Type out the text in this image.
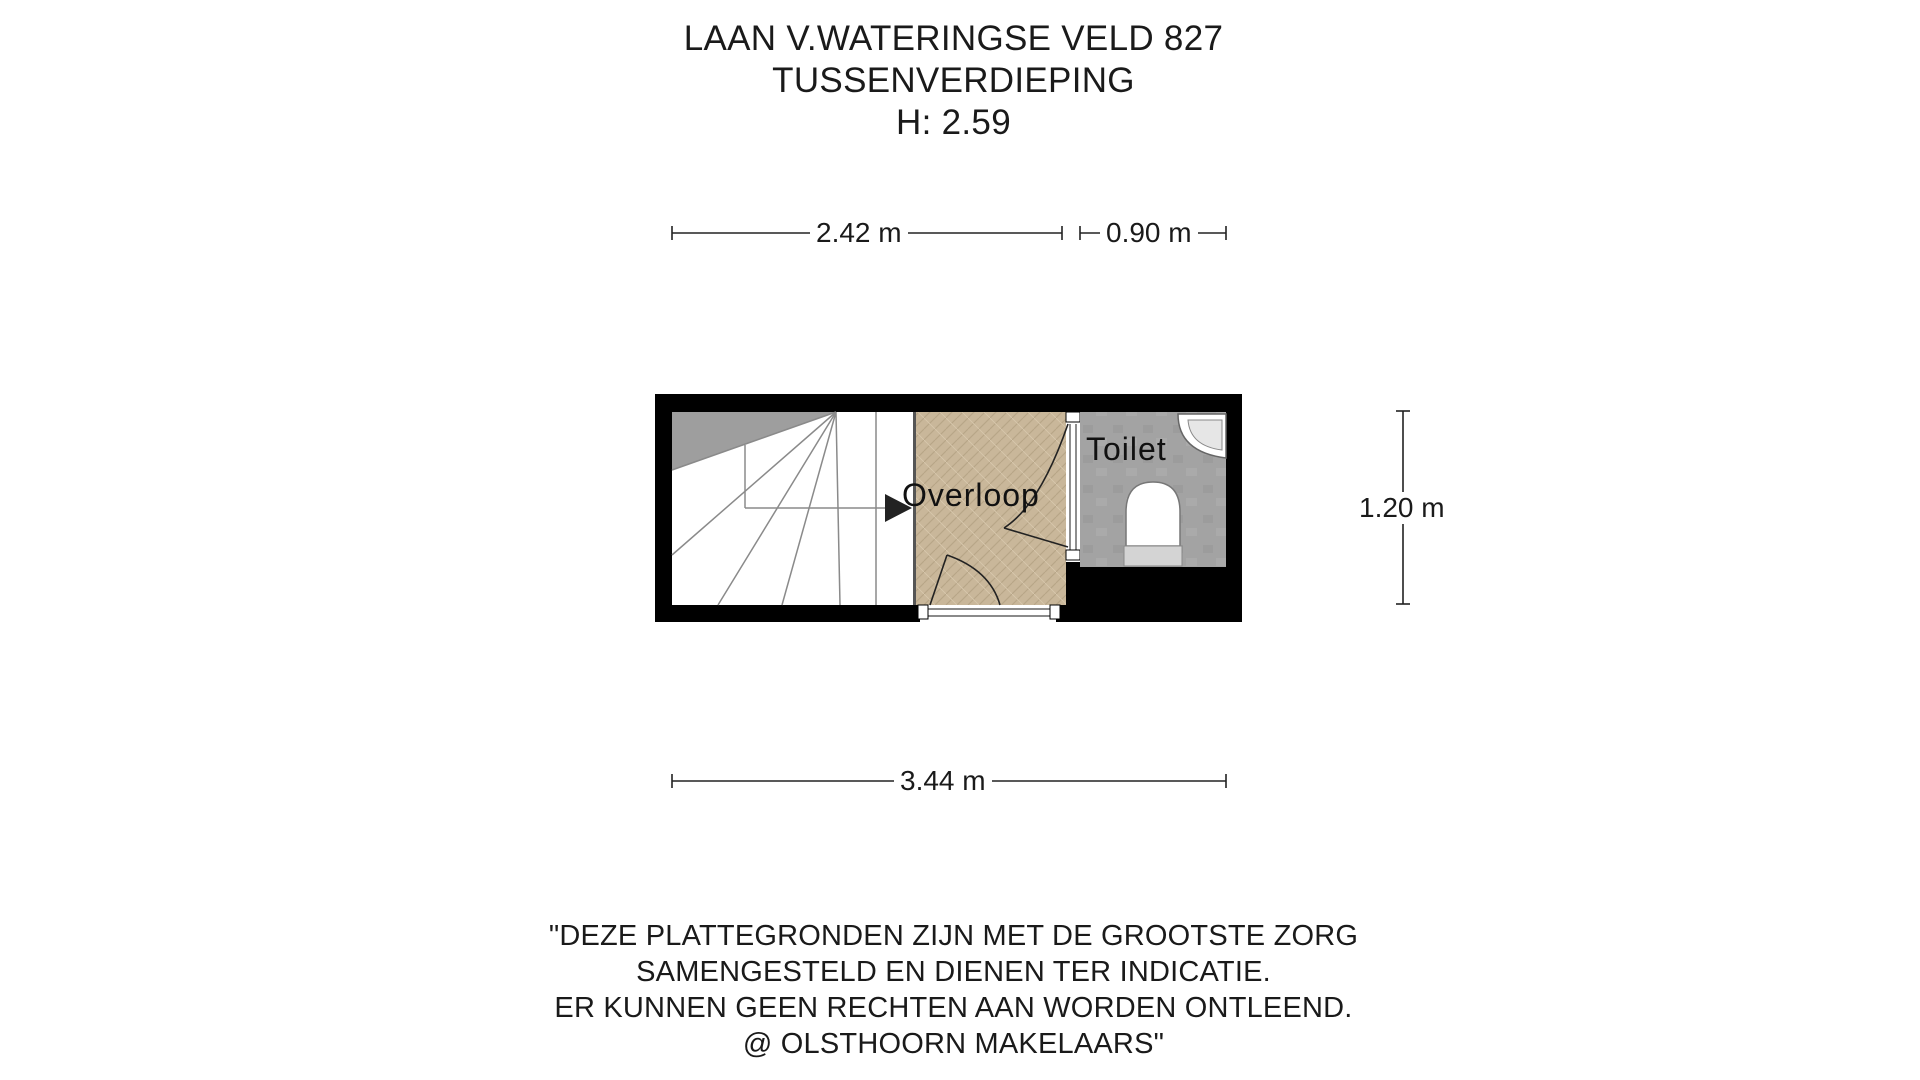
LAAN V.WATERINGSE VELD 827
TUSSENVERDIEPING
H: 2.59
2.42 m	0.90 m
3.44 m
1.20 m
Overloop
Toilet
"DEZE PLATTEGRONDEN ZIJN MET DE GROOTSTE ZORG
SAMENGESTELD EN DIENEN TER INDICATIE.
ER KUNNEN GEEN RECHTEN AAN WORDEN ONTLEEND.
@ OLSTHOORN MAKELAARS"
